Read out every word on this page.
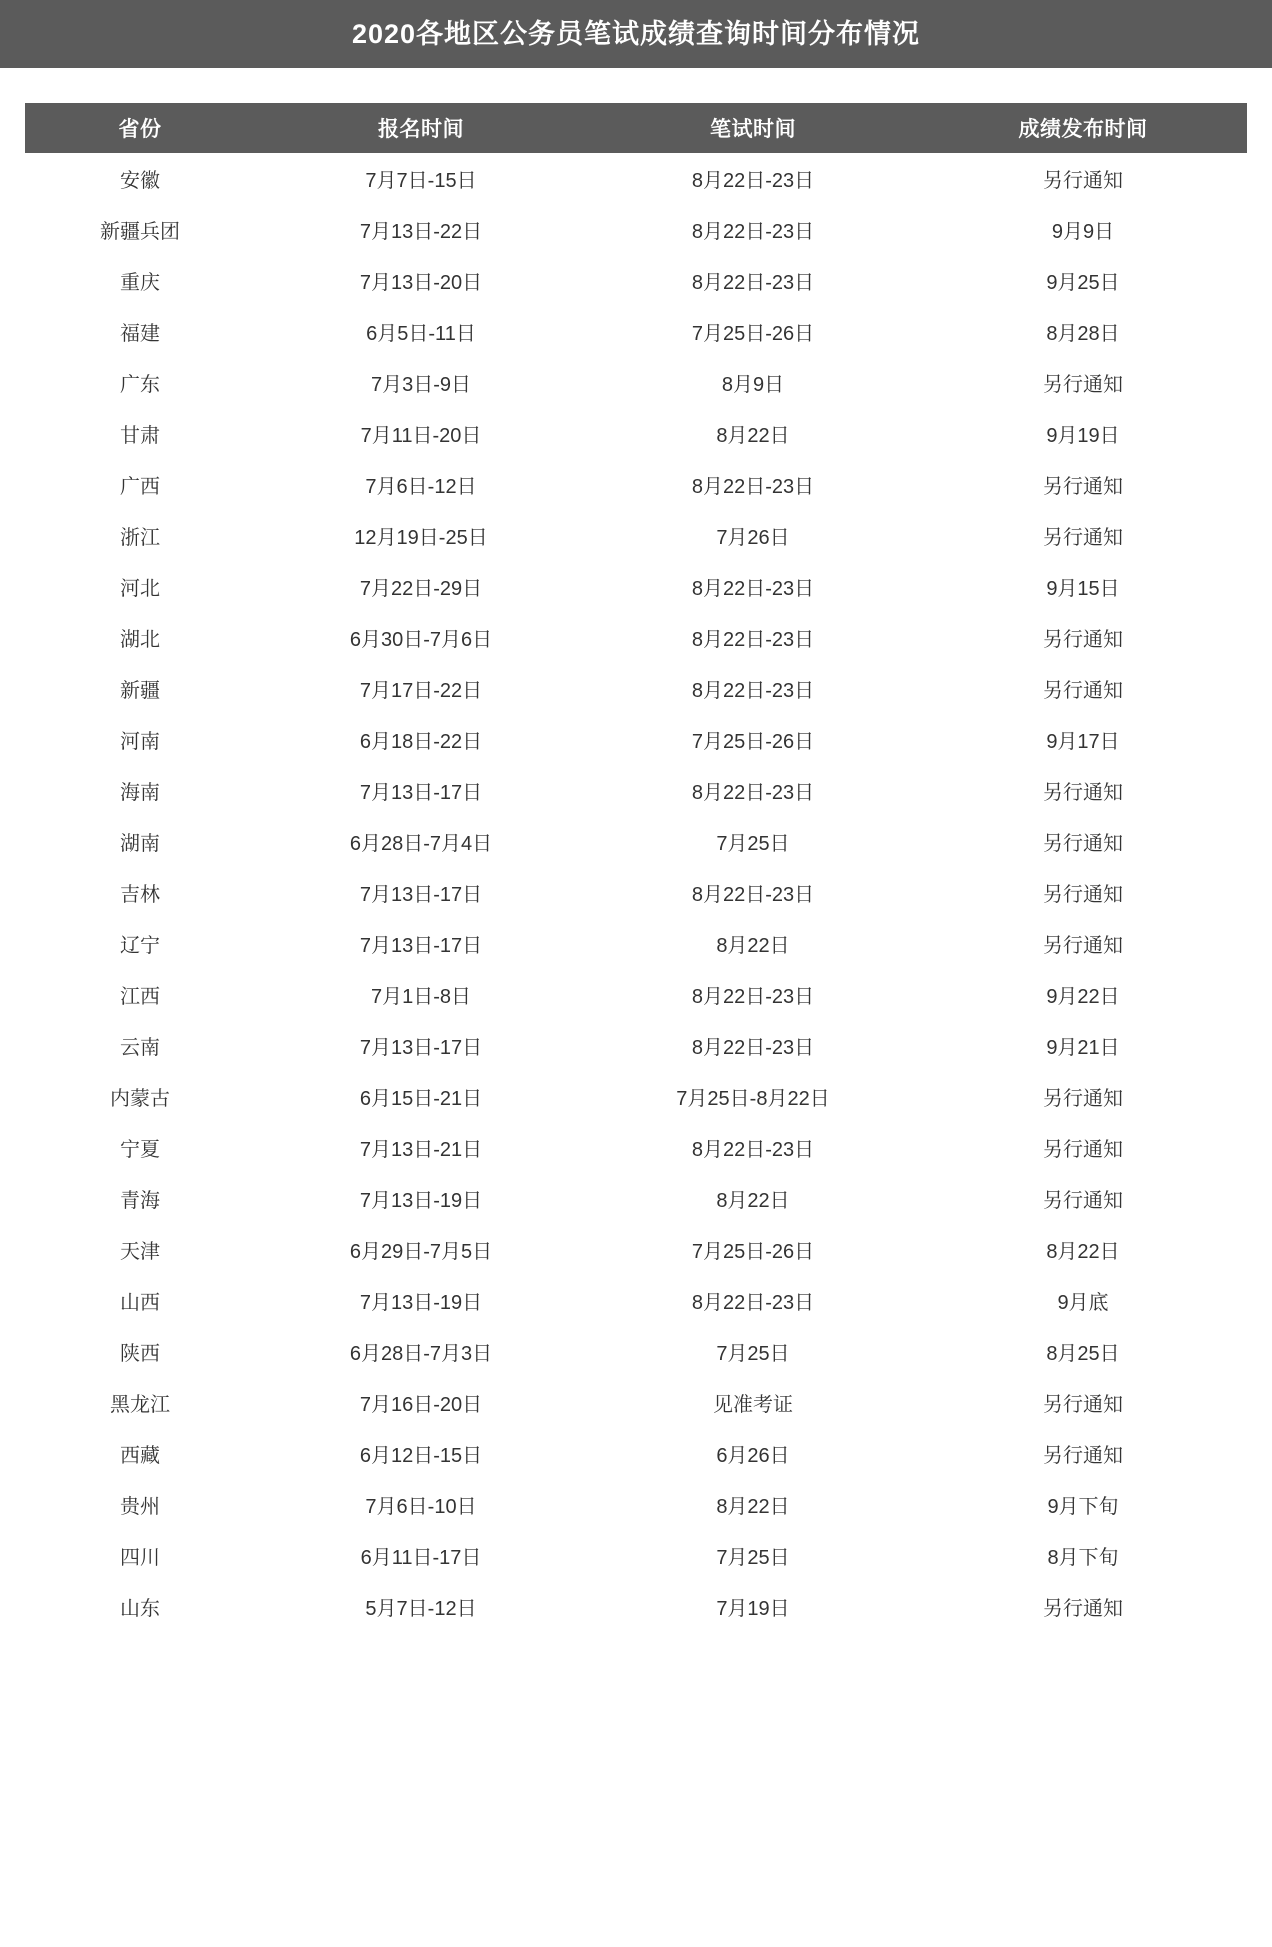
2020各地区公务员笔试成绩查询时间分布情况
省份	报名时间	笔试时间	成绩发布时间
安徽	7月7日-15日	8月22日-23日	另行通知
新疆兵团	7月13日-22日	8月22日-23日	9月9日
重庆	7月13日-20日	8月22日-23日	9月25日
福建	6月5日-11日	7月25日-26日	8月28日
广东	7月3日-9日	8月9日	另行通知
甘肃	7月11日-20日	8月22日	9月19日
广西	7月6日-12日	8月22日-23日	另行通知
浙江	12月19日-25日	7月26日	另行通知
河北	7月22日-29日	8月22日-23日	9月15日
湖北	6月30日-7月6日	8月22日-23日	另行通知
新疆	7月17日-22日	8月22日-23日	另行通知
河南	6月18日-22日	7月25日-26日	9月17日
海南	7月13日-17日	8月22日-23日	另行通知
湖南	6月28日-7月4日	7月25日	另行通知
吉林	7月13日-17日	8月22日-23日	另行通知
辽宁	7月13日-17日	8月22日	另行通知
江西	7月1日-8日	8月22日-23日	9月22日
云南	7月13日-17日	8月22日-23日	9月21日
内蒙古	6月15日-21日	7月25日-8月22日	另行通知
宁夏	7月13日-21日	8月22日-23日	另行通知
青海	7月13日-19日	8月22日	另行通知
天津	6月29日-7月5日	7月25日-26日	8月22日
山西	7月13日-19日	8月22日-23日	9月底
陕西	6月28日-7月3日	7月25日	8月25日
黑龙江	7月16日-20日	见准考证	另行通知
西藏	6月12日-15日	6月26日	另行通知
贵州	7月6日-10日	8月22日	9月下旬
四川	6月11日-17日	7月25日	8月下旬
山东	5月7日-12日	7月19日	另行通知
